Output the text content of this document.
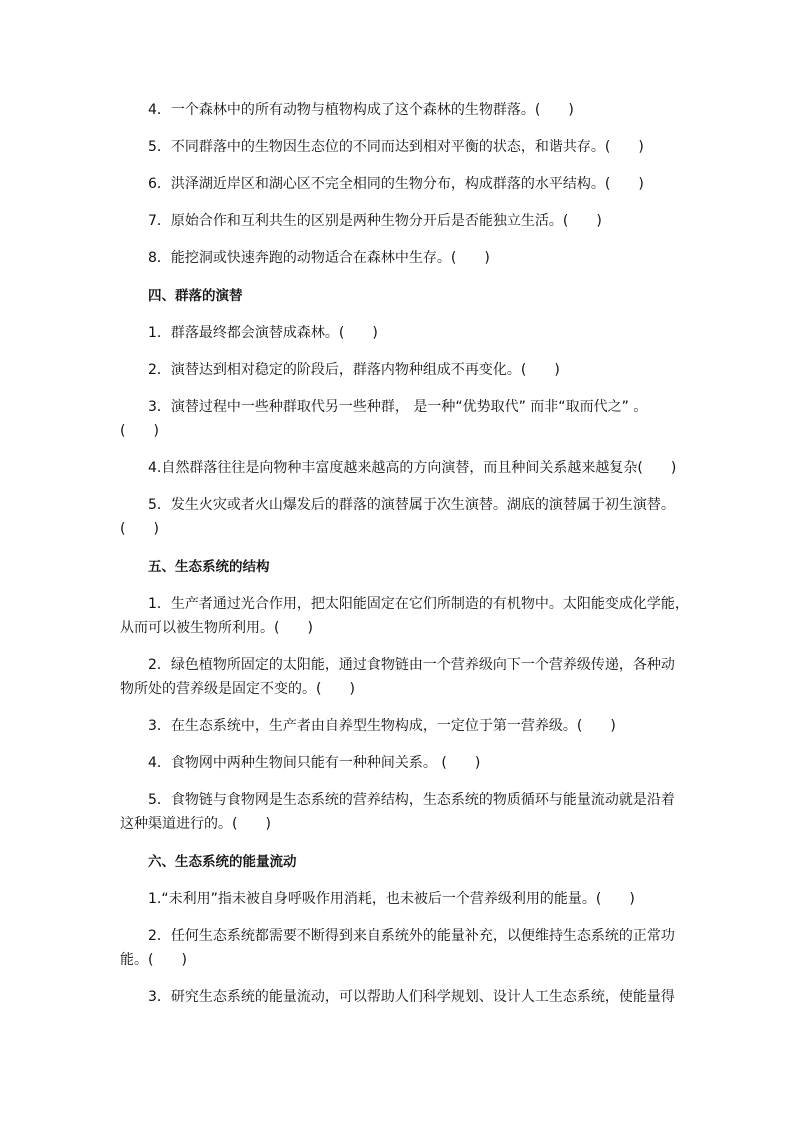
4．一个森林中的所有动物与植物构成了这个森林的生物群落。(　　)
5．不同群落中的生物因生态位的不同而达到相对平衡的状态，和谐共存。(　　)
6．洪泽湖近岸区和湖心区不完全相同的生物分布，构成群落的水平结构。(　　)
7．原始合作和互利共生的区别是两种生物分开后是否能独立生活。(　　)
8．能挖洞或快速奔跑的动物适合在森林中生存。(　　)
四、群落的演替
1．群落最终都会演替成森林。(　　)
2．演替达到相对稳定的阶段后，群落内物种组成不再变化。(　　)
3．演替过程中一些种群取代另一些种群， 是一种“优势取代” 而非“取而代之” 。
(　　)
4.自然群落往往是向物种丰富度越来越高的方向演替，而且种间关系越来越复杂(　　)
5．发生火灾或者火山爆发后的群落的演替属于次生演替。湖底的演替属于初生演替。
(　　)
五、生态系统的结构
1．生产者通过光合作用，把太阳能固定在它们所制造的有机物中。太阳能变成化学能，
从而可以被生物所利用。(　　)
2．绿色植物所固定的太阳能，通过食物链由一个营养级向下一个营养级传递，各种动
物所处的营养级是固定不变的。(　　)
3．在生态系统中，生产者由自养型生物构成，一定位于第一营养级。(　　)
4．食物网中两种生物间只能有一种种间关系。 (　　)
5．食物链与食物网是生态系统的营养结构，生态系统的物质循环与能量流动就是沿着
这种渠道进行的。(　　)
六、生态系统的能量流动
1.“未利用”指未被自身呼吸作用消耗，也未被后一个营养级利用的能量。(　　)
2．任何生态系统都需要不断得到来自系统外的能量补充，以便维持生态系统的正常功
能。(　　)
3．研究生态系统的能量流动，可以帮助人们科学规划、设计人工生态系统，使能量得
